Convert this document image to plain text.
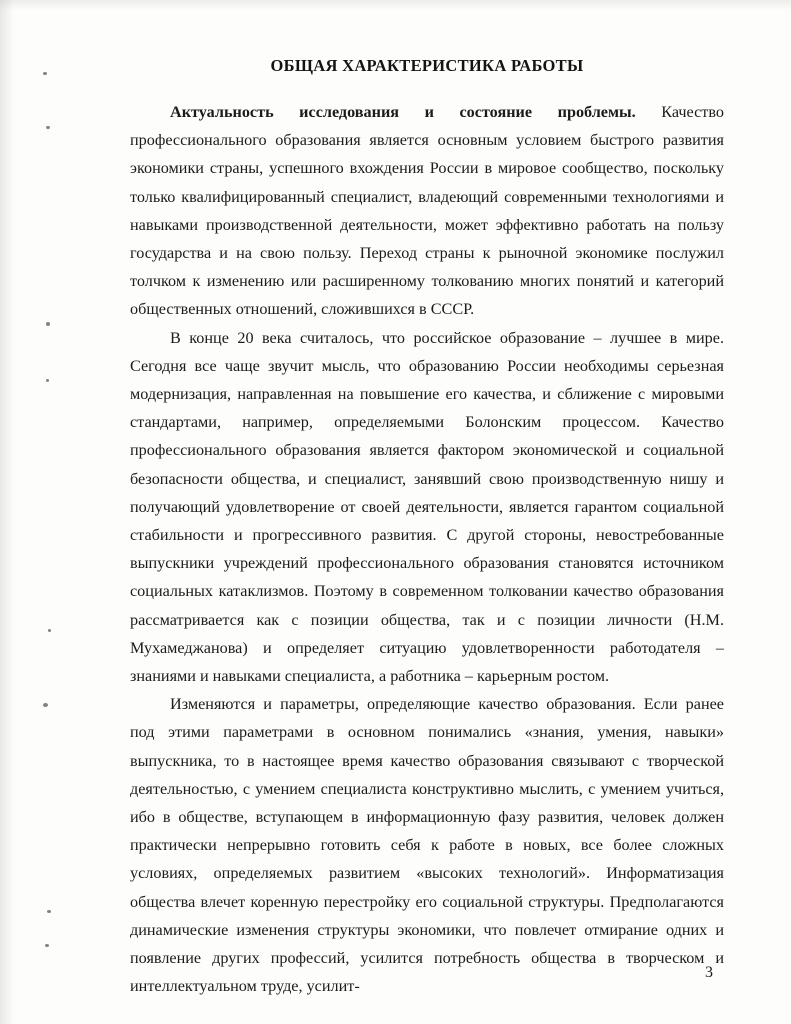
ОБЩАЯ ХАРАКТЕРИСТИКА РАБОТЫ

Актуальность исследования и состояние проблемы. Качество профессионального образования является основным условием быстрого развития экономики страны, успешного вхождения России в мировое сообщество, поскольку только квалифицированный специалист, владеющий современными технологиями и навыками производственной деятельности, может эффективно работать на пользу государства и на свою пользу. Переход страны к рыночной экономике послужил толчком к изменению или расширенному толкованию многих понятий и категорий общественных отношений, сложившихся в СССР.

В конце 20 века считалось, что российское образование – лучшее в мире. Сегодня все чаще звучит мысль, что образованию России необходимы серьезная модернизация, направленная на повышение его качества, и сближение с мировыми стандартами, например, определяемыми Болонским процессом. Качество профессионального образования является фактором экономической и социальной безопасности общества, и специалист, занявший свою производственную нишу и получающий удовлетворение от своей деятельности, является гарантом социальной стабильности и прогрессивного развития. С другой стороны, невостребованные выпускники учреждений профессионального образования становятся источником социальных катаклизмов. Поэтому в современном толковании качество образования рассматривается как с позиции общества, так и с позиции личности (Н.М. Мухамеджанова) и определяет ситуацию удовлетворенности работодателя – знаниями и навыками специалиста, а работника – карьерным ростом.

Изменяются и параметры, определяющие качество образования. Если ранее под этими параметрами в основном понимались «знания, умения, навыки» выпускника, то в настоящее время качество образования связывают с творческой деятельностью, с умением специалиста конструктивно мыслить, с умением учиться, ибо в обществе, вступающем в информационную фазу развития, человек должен практически непрерывно готовить себя к работе в новых, все более сложных условиях, определяемых развитием «высоких технологий». Информатизация общества влечет коренную перестройку его социальной структуры. Предполагаются динамические изменения структуры экономики, что повлечет отмирание одних и появление других профессий, усилится потребность общества в творческом и интеллектуальном труде, усилит-

3
